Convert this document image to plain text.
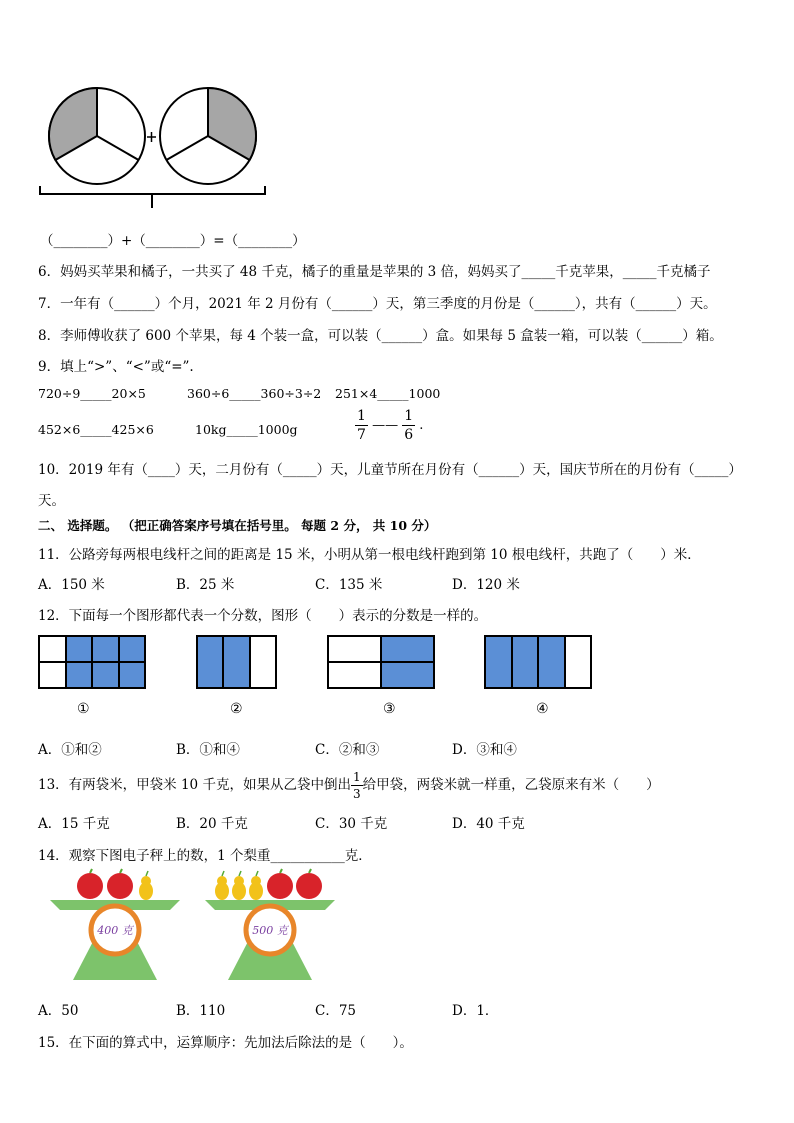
（________）+（________）=（________）
6．妈妈买苹果和橘子，一共买了 48 千克，橘子的重量是苹果的 3 倍，妈妈买了_____千克苹果，_____千克橘子
7．一年有（______）个月，2021 年 2 月份有（______）天，第三季度的月份是（______），共有（______）天。
8．李师傅收获了 600 个苹果，每 4 个装一盒，可以装（______）盒。如果每 5 盒装一箱，可以装（______）箱。
9．填上“>”、“<”或“=”.
720÷9_____20×5	360÷6_____360÷3÷2 251×4_____1000
452×6_____425×6	10kg_____1000g	$\frac{1}{7}$ —— $\frac{1}{6}$ .
10．2019 年有（____）天，二月份有（_____）天，儿童节所在月份有（______）天，国庆节所在的月份有（_____）
天。
二、 选择题。 （把正确答案序号填在括号里。 每题 2 分， 共 10 分）
11．公路旁每两根电线杆之间的距离是 15 米，小明从第一根电线杆跑到第 10 根电线杆，共跑了（　　）米．
A．150 米	B．25 米	C．135 米	D．120 米
12．下面每一个图形都代表一个分数，图形（　　）表示的分数是一样的。
①	②	③	④
A．①和②	B．①和④	C．②和③	D．③和④
13．有两袋米，甲袋米 10 千克，如果从乙袋中倒出 $\frac{1}{3}$ 给甲袋，两袋米就一样重，乙袋原来有米（　　）
A．15 千克	B．20 千克	C．30 千克	D．40 千克
14．观察下图电子秤上的数，1 个梨重___________克．
400 克	500 克
A．50	B．110	C．75	D．1．
15．在下面的算式中，运算顺序：先加法后除法的是（　　）。
